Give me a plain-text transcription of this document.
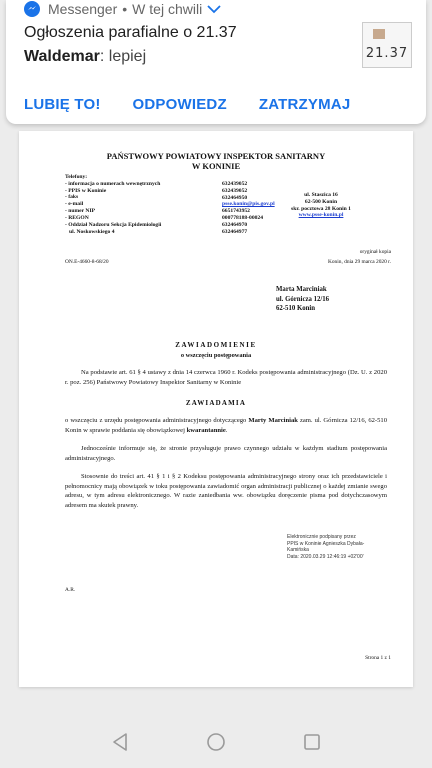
Messenger • W tej chwili
Ogłoszenia parafialne o 21.37
Waldemar: lepiej	21.37
LUBIĘ TO! ODPOWIEDZ ZATRZYMAJ
PAŃSTWOWY POWIATOWY INSPEKTOR SANITARNY
W KONINIE
Telefony:
- informacja o numerach wewnętrznych
- PPIS w Koninie
- faks
- e-mail
- numer NIP
- REGON
- Oddział Nadzoru Sekcja Epidemiologii
ul. Noskowskiego 4
632439052
632439052
632464950
psse.konin@pis.gov.pl
6651743952
000778188-00024
632464970
632464977
ul. Staszica 16
62-500 Konin
skr. pocztowa 28 Konin 1
www.psse-konin.pl
oryginał kopia
ON.E-4660-8-68/20	Konin, dnia 29 marca 2020 r.
Marta Marciniak
ul. Górnicza 12/16
62-510 Konin
ZAWIADOMIENIE
o wszczęciu postępowania
Na podstawie art. 61 § 4 ustawy z dnia 14 czerwca 1960 r. Kodeks postępowania administracyjnego (Dz. U. z 2020 r. poz. 256) Państwowy Powiatowy Inspektor Sanitarny w Koninie
ZAWIADAMIA
o wszczęciu z urzędu postępowania administracyjnego dotyczącego Marty Marciniak zam. ul. Górnicza 12/16, 62-510 Konin w sprawie poddania się obowiązkowej kwarantannie.
Jednocześnie informuje się, że stronie przysługuje prawo czynnego udziału w każdym stadium postępowania administracyjnego.
Stosownie do treści art. 41 § 1 i § 2 Kodeksu postępowania administracyjnego strony oraz ich przedstawiciele i pełnomocnicy mają obowiązek w toku postępowania zawiadomić organ administracji publicznej o każdej zmianie swego adresu, w tym adresu elektronicznego. W razie zaniedbania ww. obowiązku doręczenie pisma pod dotychczasowym adresem ma skutek prawny.
Elektronicznie podpisany przez
PPIS w Koninie Agnieszka Dybała-
Kamińska
Data: 2020.03.29 12:46:19 +02'00'
A.R.
Strona 1 z 1
